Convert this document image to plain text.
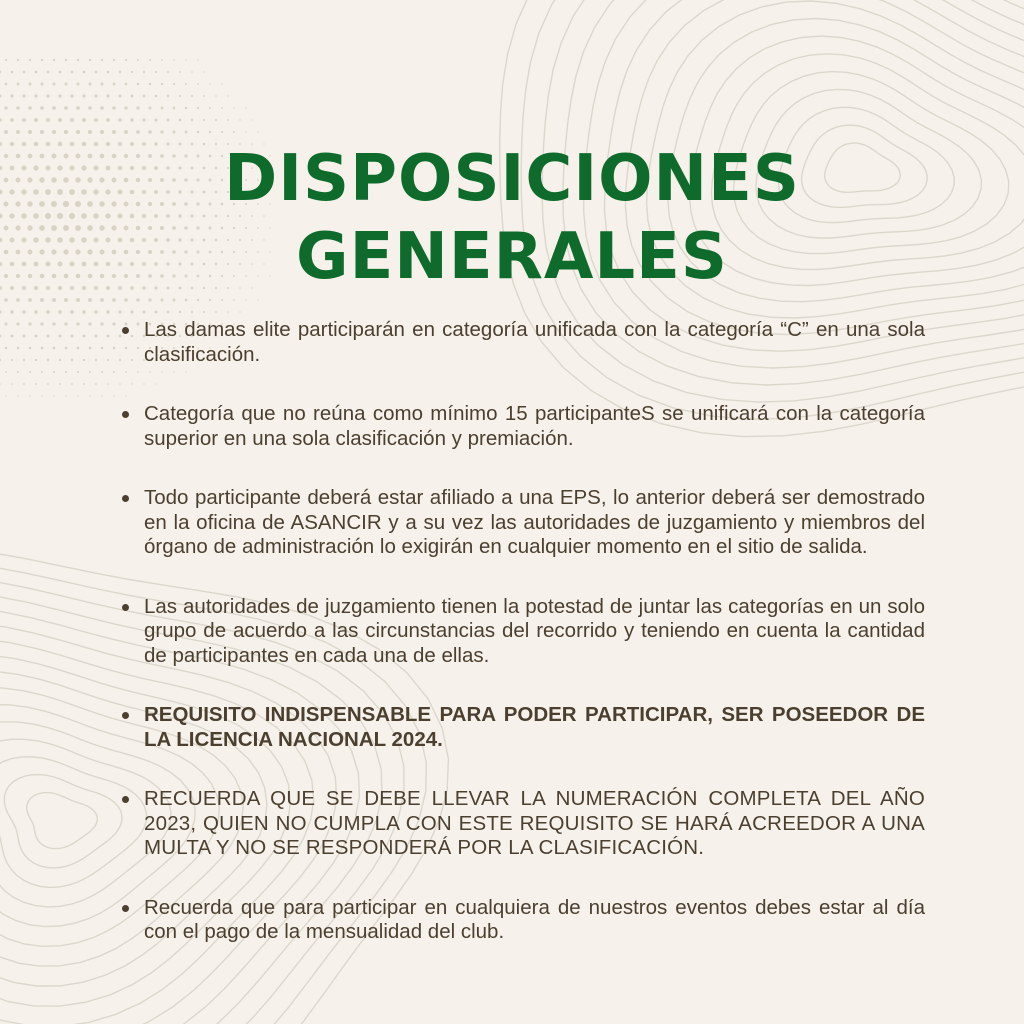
DISPOSICIONES
GENERALES
Las damas elite participarán en categoría unificada con la categoría “C” en una sola clasificación.
Categoría que no reúna como mínimo 15 participanteS se unificará con la categoría superior en una sola clasificación y premiación.
Todo participante deberá estar afiliado a una EPS, lo anterior deberá ser demostrado en la oficina de ASANCIR y a su vez las autoridades de juzgamiento y miembros del órgano de administración lo exigirán en cualquier momento en el sitio de salida.
Las autoridades de juzgamiento tienen la potestad de juntar las categorías en un solo grupo de acuerdo a las circunstancias del recorrido y teniendo en cuenta la cantidad de participantes en cada una de ellas.
REQUISITO INDISPENSABLE PARA PODER PARTICIPAR, SER POSEEDOR DE LA LICENCIA NACIONAL 2024.
RECUERDA QUE SE DEBE LLEVAR LA NUMERACIÓN COMPLETA DEL AÑO 2023, QUIEN NO CUMPLA CON ESTE REQUISITO SE HARÁ ACREEDOR A UNA MULTA Y NO SE RESPONDERÁ POR LA CLASIFICACIÓN.
Recuerda que para participar en cualquiera de nuestros eventos debes estar al día con el pago de la mensualidad del club.
